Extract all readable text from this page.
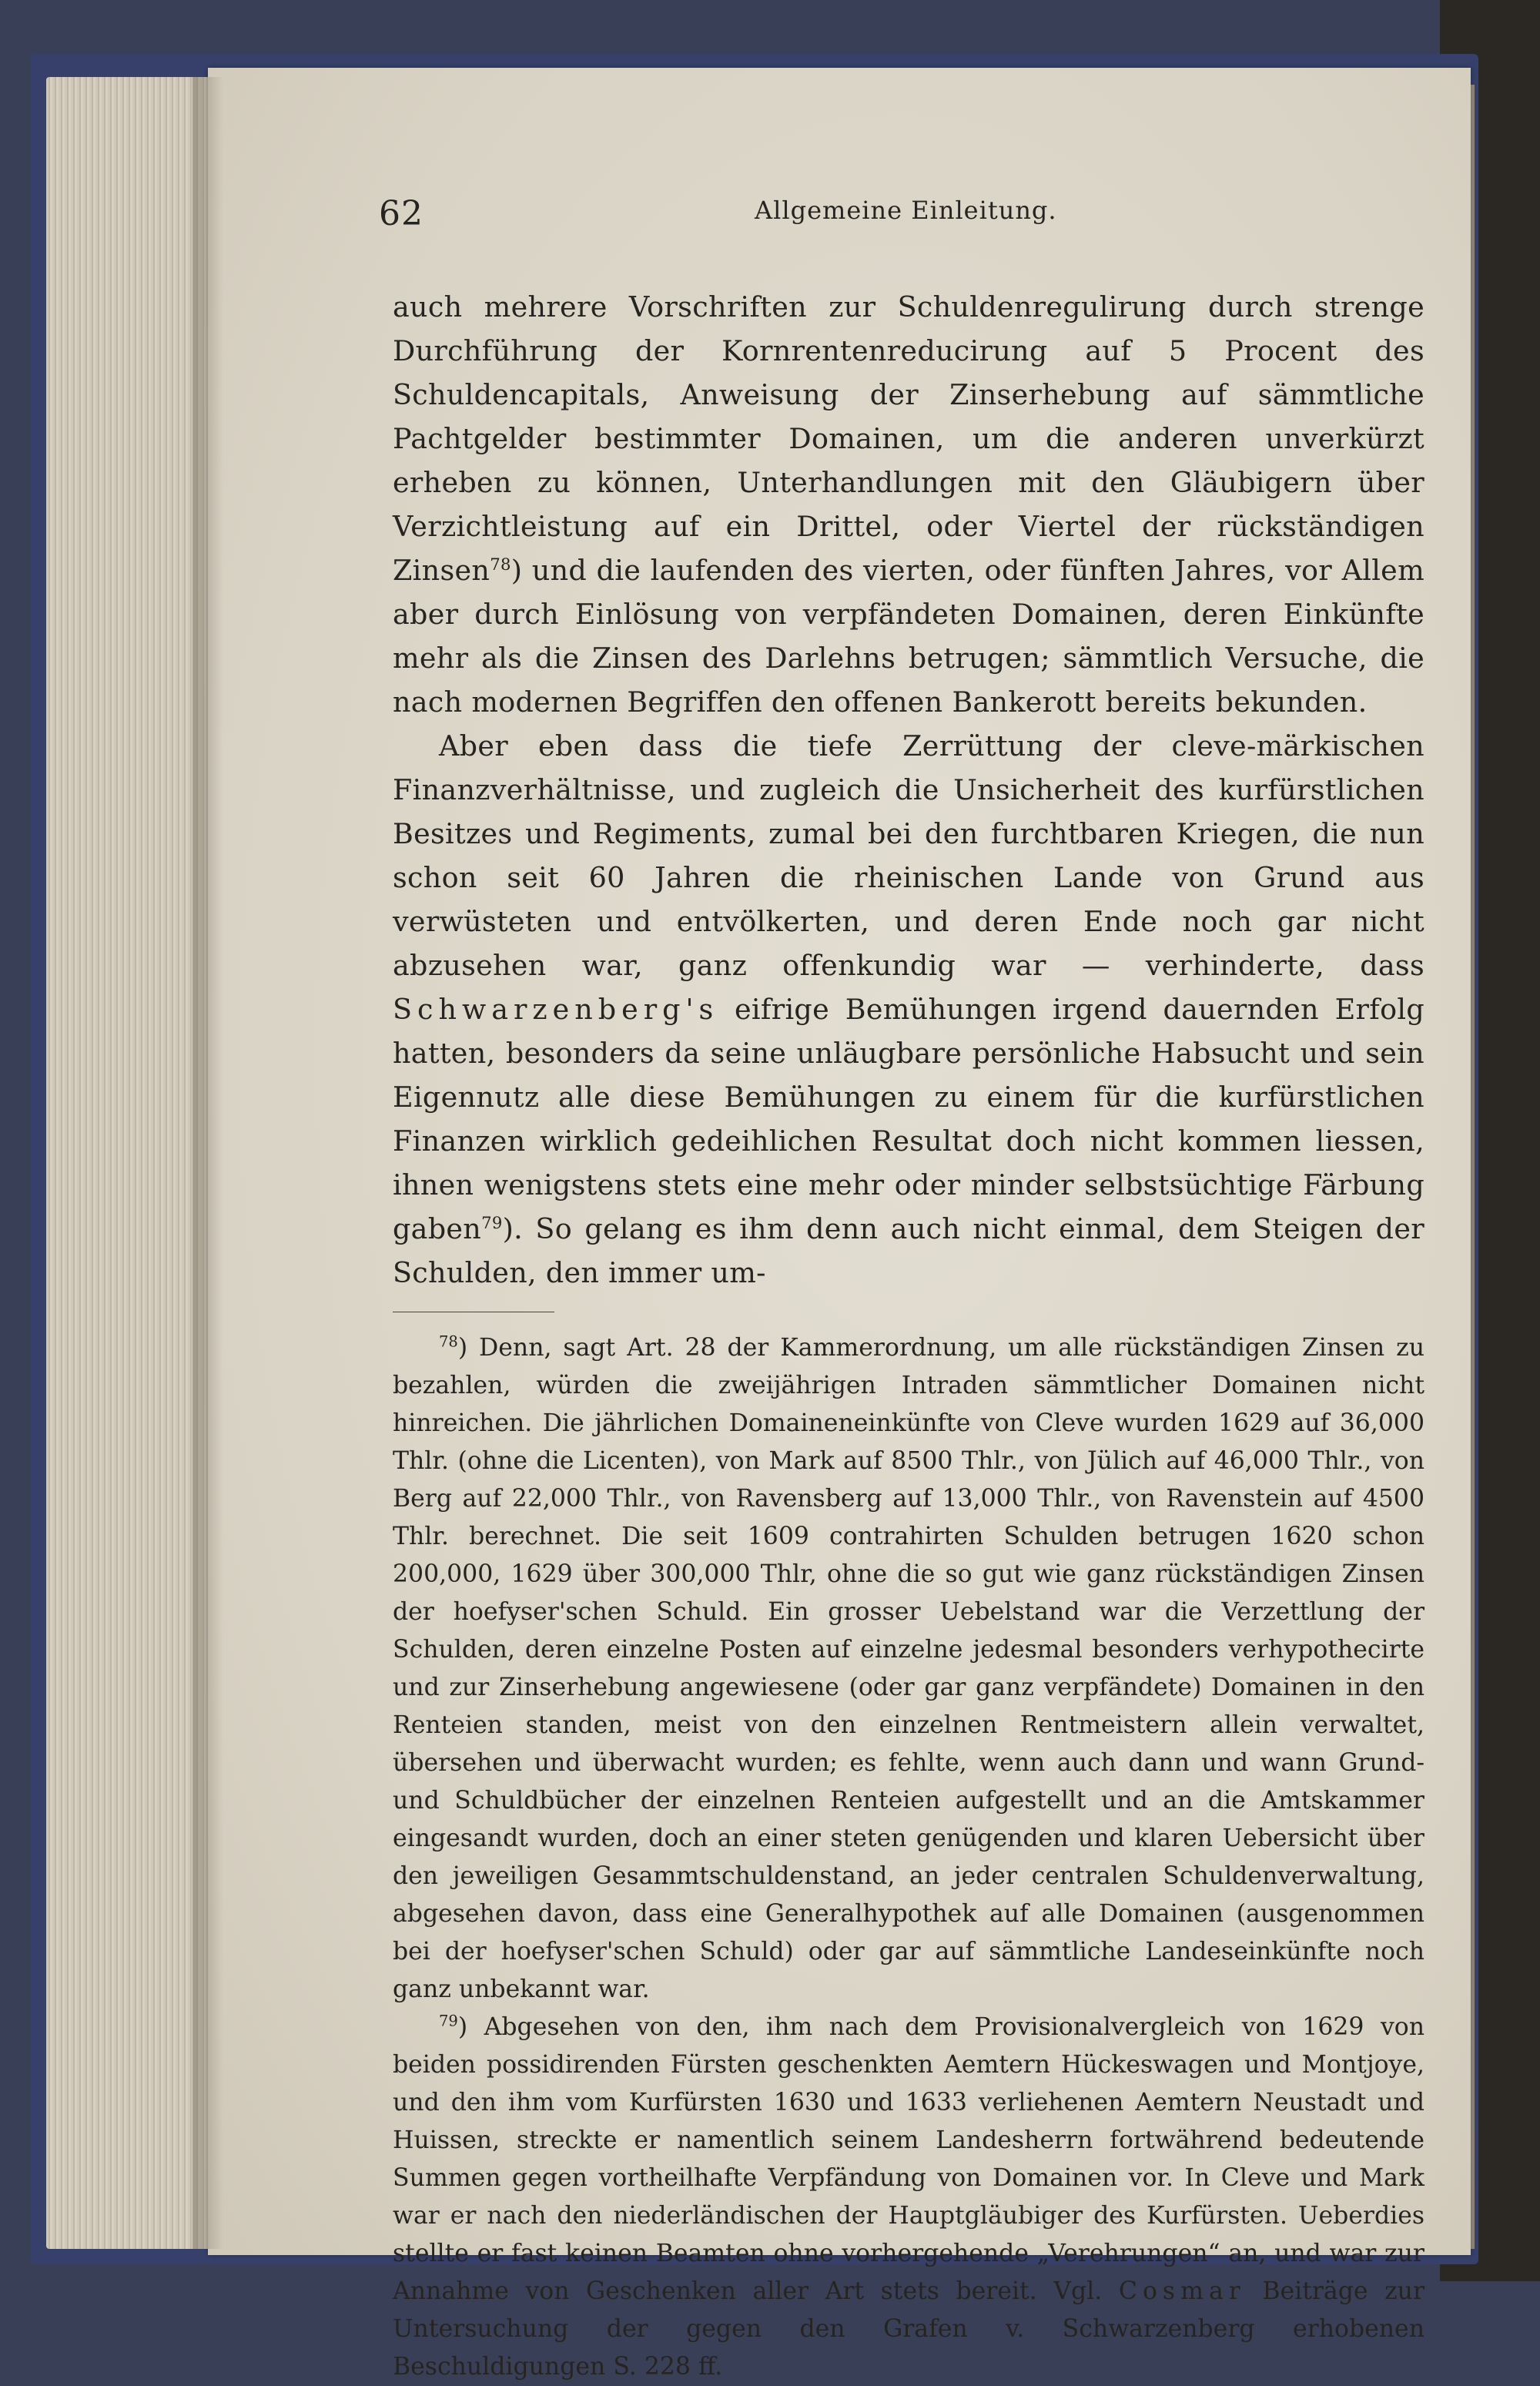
62	Allgemeine Einleitung.

auch mehrere Vorschriften zur Schuldenregulirung durch strenge Durchführung der Kornrentenreducirung auf 5 Procent des Schuldencapitals, Anweisung der Zinserhebung auf sämmtliche Pachtgelder bestimmter Domainen, um die anderen unverkürzt erheben zu können, Unterhandlungen mit den Gläubigern über Verzichtleistung auf ein Drittel, oder Viertel der rückständigen Zinsen$^{78}$) und die laufenden des vierten, oder fünften Jahres, vor Allem aber durch Einlösung von verpfändeten Domainen, deren Einkünfte mehr als die Zinsen des Darlehns betrugen; sämmtlich Versuche, die nach modernen Begriffen den offenen Bankerott bereits bekunden.

Aber eben dass die tiefe Zerrüttung der cleve-märkischen Finanzverhältnisse, und zugleich die Unsicherheit des kurfürstlichen Besitzes und Regiments, zumal bei den furchtbaren Kriegen, die nun schon seit 60 Jahren die rheinischen Lande von Grund aus verwüsteten und entvölkerten, und deren Ende noch gar nicht abzusehen war, ganz offenkundig war — verhinderte, dass Schwarzenberg's eifrige Bemühungen irgend dauernden Erfolg hatten, besonders da seine unläugbare persönliche Habsucht und sein Eigennutz alle diese Bemühungen zu einem für die kurfürstlichen Finanzen wirklich gedeihlichen Resultat doch nicht kommen liessen, ihnen wenigstens stets eine mehr oder minder selbstsüchtige Färbung gaben$^{79}$). So gelang es ihm denn auch nicht einmal, dem Steigen der Schulden, den immer um-

$^{78}$) Denn, sagt Art. 28 der Kammerordnung, um alle rückständigen Zinsen zu bezahlen, würden die zweijährigen Intraden sämmtlicher Domainen nicht hinreichen. Die jährlichen Domaineneinkünfte von Cleve wurden 1629 auf 36,000 Thlr. (ohne die Licenten), von Mark auf 8500 Thlr., von Jülich auf 46,000 Thlr., von Berg auf 22,000 Thlr., von Ravensberg auf 13,000 Thlr., von Ravenstein auf 4500 Thlr. berechnet. Die seit 1609 contrahirten Schulden betrugen 1620 schon 200,000, 1629 über 300,000 Thlr, ohne die so gut wie ganz rückständigen Zinsen der hoefyser'schen Schuld. Ein grosser Uebelstand war die Verzettlung der Schulden, deren einzelne Posten auf einzelne jedesmal besonders verhypothecirte und zur Zinserhebung angewiesene (oder gar ganz verpfändete) Domainen in den Renteien standen, meist von den einzelnen Rentmeistern allein verwaltet, übersehen und überwacht wurden; es fehlte, wenn auch dann und wann Grund- und Schuldbücher der einzelnen Renteien aufgestellt und an die Amtskammer eingesandt wurden, doch an einer steten genügenden und klaren Uebersicht über den jeweiligen Gesammtschuldenstand, an jeder centralen Schuldenverwaltung, abgesehen davon, dass eine Generalhypothek auf alle Domainen (ausgenommen bei der hoefyser'schen Schuld) oder gar auf sämmtliche Landeseinkünfte noch ganz unbekannt war.

$^{79}$) Abgesehen von den, ihm nach dem Provisionalvergleich von 1629 von beiden possidirenden Fürsten geschenkten Aemtern Hückeswagen und Montjoye, und den ihm vom Kurfürsten 1630 und 1633 verliehenen Aemtern Neustadt und Huissen, streckte er namentlich seinem Landesherrn fortwährend bedeutende Summen gegen vortheilhafte Verpfändung von Domainen vor. In Cleve und Mark war er nach den niederländischen der Hauptgläubiger des Kurfürsten. Ueberdies stellte er fast keinen Beamten ohne vorhergehende „Verehrungen“ an, und war zur Annahme von Geschenken aller Art stets bereit. Vgl. Cosmar Beiträge zur Untersuchung der gegen den Grafen v. Schwarzenberg erhobenen Beschuldigungen S. 228 ff.
